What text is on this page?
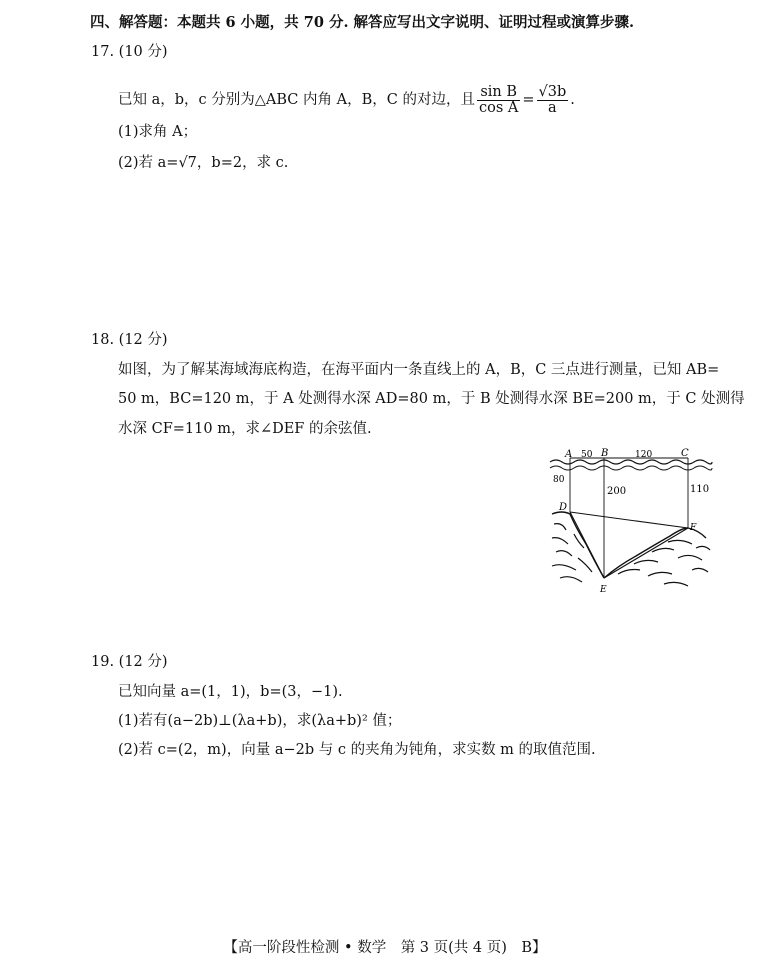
四、解答题：本题共 6 小题，共 70 分. 解答应写出文字说明、证明过程或演算步骤.
17. (10 分)
已知 a，b，c 分别为△ABC 内角 A，B，C 的对边，且 $\frac{\text{sin B}}{\text{cos A}} = \frac{√3b}{a}$ .
(1)求角 A；
(2)若 a=√7，b=2，求 c.
18. (12 分)
如图，为了解某海域海底构造，在海平面内一条直线上的 A，B，C 三点进行测量，已知 AB=
50 m，BC=120 m，于 A 处测得水深 AD=80 m，于 B 处测得水深 BE=200 m，于 C 处测得
水深 CF=110 m，求∠DEF 的余弦值.
A 50 B	120	C
80
200	110
D
E
F
19. (12 分)
已知向量 a=(1，1)，b=(3，−1).
(1)若有(a−2b)⊥(λa+b)，求(λa+b)² 值；
(2)若 c=(2，m)，向量 a−2b 与 c 的夹角为钝角，求实数 m 的取值范围.
【高一阶段性检测 • 数学　第 3 页(共 4 页)　B】
